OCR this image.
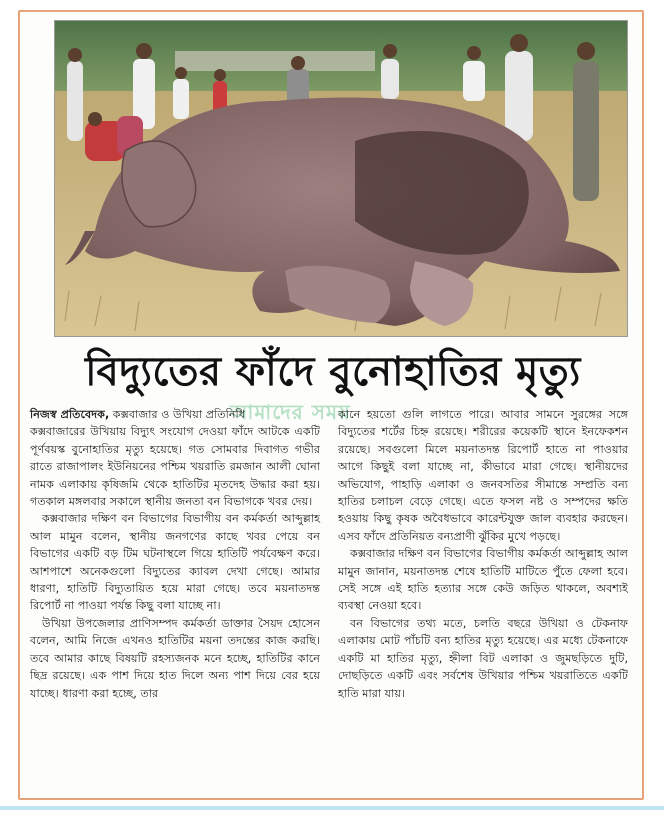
বিদ্যুতের ফাঁদে বুনোহাতির মৃত্যু
আমাদের সময়

নিজস্ব প্রতিবেদক, কক্সবাজার ও উখিয়া প্রতিনিধি

কক্সবাজারের উখিয়ায় বিদ্যুৎ সংযোগ দেওয়া ফাঁদে আটকে একটি পূর্ণবয়স্ক বুনোহাতির মৃত্যু হয়েছে। গত সোমবার দিবাগত গভীর রাতে রাজাপালং ইউনিয়নের পশ্চিম খয়রাতি রমজান আলী ঘোনা নামক এলাকায় কৃষিজমি থেকে হাতিটির মৃতদেহ উদ্ধার করা হয়। গতকাল মঙ্গলবার সকালে স্থানীয় জনতা বন বিভাগকে খবর দেয়।

কক্সবাজার দক্ষিণ বন বিভাগের বিভাগীয় বন কর্মকর্তা আব্দুল্লাহ আল মামুন বলেন, স্থানীয় জনগণের কাছে খবর পেয়ে বন বিভাগের একটি বড় টিম ঘটনাস্থলে গিয়ে হাতিটি পর্যবেক্ষণ করে। আশপাশে অনেকগুলো বিদ্যুতের ক্যাবল দেখা গেছে। আমার ধারণা, হাতিটি বিদ্যুতায়িত হয়ে মারা গেছে। তবে ময়নাতদন্ত রিপোর্ট না পাওয়া পর্যন্ত কিছু বলা যাচ্ছে না।

উখিয়া উপজেলার প্রাণিসম্পদ কর্মকর্তা ডাক্তার সৈয়দ হোসেন বলেন, আমি নিজে এখনও হাতিটির ময়না তদন্তের কাজ করছি। তবে আমার কাছে বিষয়টি রহস্যজনক মনে হচ্ছে, হাতিটির কানে ছিদ্র রয়েছে। এক পাশ দিয়ে হাত দিলে অন্য পাশ দিয়ে বের হয়ে যাচ্ছে। ধারণা করা হচ্ছে, তার

কানে হয়তো গুলি লাগতে পারে। আবার সামনে সুরঙ্গের সঙ্গে বিদ্যুতের শর্টের চিহ্ন রয়েছে। শরীরের কয়েকটি স্থানে ইনফেকশন রয়েছে। সবগুলো মিলে ময়নাতদন্ত রিপোর্ট হাতে না পাওয়ার আগে কিছুই বলা যাচ্ছে না, কীভাবে মারা গেছে। স্থানীয়দের অভিযোগ, পাহাড়ি এলাকা ও জনবসতির সীমান্তে সম্প্রতি বন্য হাতির চলাচল বেড়ে গেছে। এতে ফসল নষ্ট ও সম্পদের ক্ষতি হওয়ায় কিছু কৃষক অবৈধভাবে কারেন্টযুক্ত জাল ব্যবহার করছেন। এসব ফাঁদে প্রতিনিয়ত বন্যপ্রাণী ঝুঁকির মুখে পড়ছে।

কক্সবাজার দক্ষিণ বন বিভাগের বিভাগীয় কর্মকর্তা আব্দুল্লাহ আল মামুন জানান, ময়নাতদন্ত শেষে হাতিটি মাটিতে পুঁতে ফেলা হবে। সেই সঙ্গে এই হাতি হত্যার সঙ্গে কেউ জড়িত থাকলে, অবশ্যই ব্যবস্থা নেওয়া হবে।

বন বিভাগের তথ্য মতে, চলতি বছরে উখিয়া ও টেকনাফ এলাকায় মোট পাঁচটি বন্য হাতির মৃত্যু হয়েছে। এর মধ্যে টেকনাফে একটি মা হাতির মৃত্যু, হ্নীলা বিট এলাকা ও জুমছড়িতে দুটি, দোছড়িতে একটি এবং সর্বশেষ উখিয়ার পশ্চিম খয়রাতিতে একটি হাতি মারা যায়।
